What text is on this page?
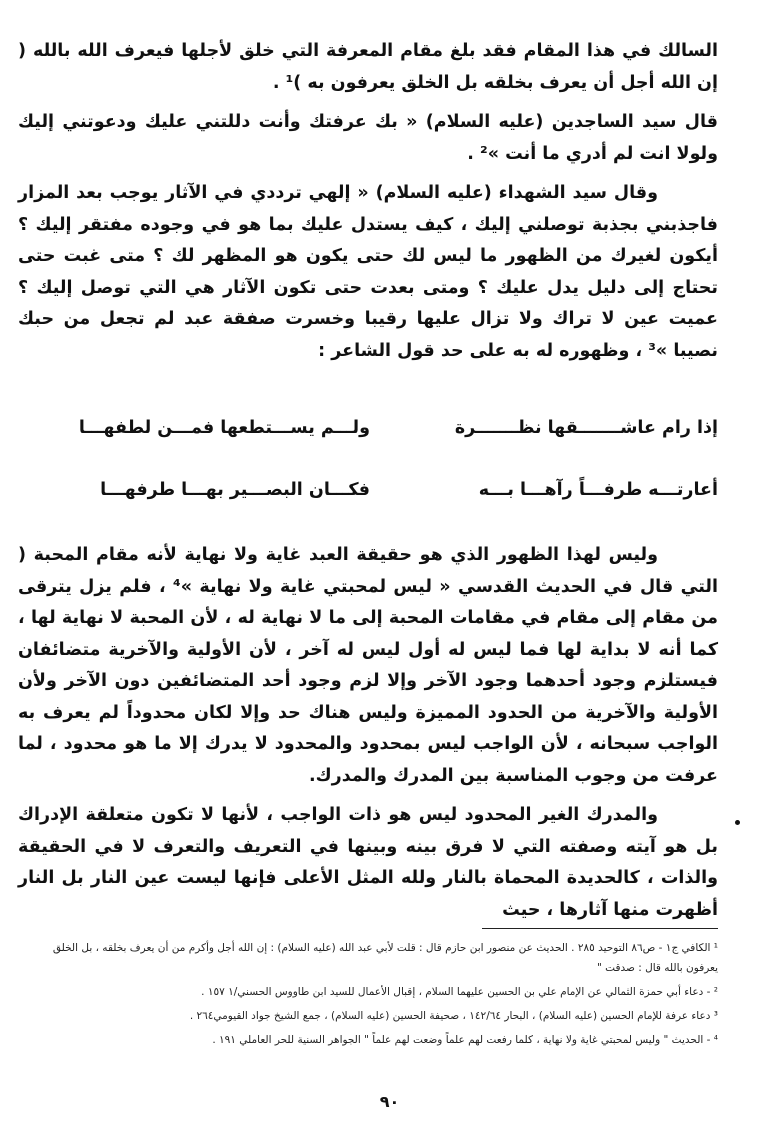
السالك في هذا المقام فقد بلغ مقام المعرفة التي خلق لأجلها فيعرف الله بالله ( إن الله أجل أن يعرف بخلقه بل الخلق يعرفون به )¹ .

قال سيد الساجدين (عليه السلام) « بك عرفتك وأنت دللتني عليك ودعوتني إليك ولولا انت لم أدري ما أنت »² .

وقال سيد الشهداء (عليه السلام) « إلهي ترددي في الآثار يوجب بعد المزار فاجذبني بجذبة توصلني إليك ، كيف يستدل عليك بما هو في وجوده مفتقر إليك ؟ أيكون لغيرك من الظهور ما ليس لك حتى يكون هو المظهر لك ؟ متى غبت حتى تحتاج إلى دليل يدل عليك ؟ ومتى بعدت حتى تكون الآثار هي التي توصل إليك ؟ عميت عين لا تراك ولا تزال عليها رقيبا وخسرت صفقة عبد لم تجعل من حبك نصيبا »³ ، وظهوره له به على حد قول الشاعر :

إذا رام عاشـــــــقها نظـــــــرة
ولـــم يســـتطعها فمـــن لطفهـــا
أعارتـــه طرفـــاً رآهـــا بـــه
فكـــان البصـــير بهـــا طرفهـــا

وليس لهذا الظهور الذي هو حقيقة العبد غاية ولا نهاية لأنه مقام المحبة ( التي قال في الحديث القدسي « ليس لمحبتي غاية ولا نهاية »⁴ ، فلم يزل يترقى من مقام إلى مقام في مقامات المحبة إلى ما لا نهاية له ، لأن المحبة لا نهاية لها ، كما أنه لا بداية لها فما ليس له أول ليس له آخر ، لأن الأولية والآخرية متضائفان فيستلزم وجود أحدهما وجود الآخر وإلا لزم وجود أحد المتضائفين دون الآخر ولأن الأولية والآخرية من الحدود المميزة وليس هناك حد وإلا لكان محدوداً لم يعرف به الواجب سبحانه ، لأن الواجب ليس بمحدود والمحدود لا يدرك إلا ما هو محدود ، لما عرفت من وجوب المناسبة بين المدرك والمدرك.

والمدرك الغير المحدود ليس هو ذات الواجب ، لأنها لا تكون متعلقة الإدراك بل هو آيته وصفته التي لا فرق بينه وبينها في التعريف والتعرف لا في الحقيقة والذات ، كالحديدة المحماة بالنار ولله المثل الأعلى فإنها ليست عين النار بل النار أظهرت منها آثارها ، حيث

¹ الكافي ج١ - ص٨٦ التوحيد ٢٨٥ . الحديث عن منصور ابن حازم قال : قلت لأبي عبد الله (عليه السلام) : إن الله أجل وأكرم من أن يعرف بخلقه ، بل الخلق يعرفون بالله قال : صدقت "

² - دعاء أبي حمزة الثمالي عن الإمام علي بن الحسين عليهما السلام ، إقبال الأعمال للسيد ابن طاووس الحسني/١ ١٥٧ .

³ دعاء عرفة للإمام الحسين (عليه السلام) ، البحار ١٤٢/٦٤ ، صحيفة الحسين (عليه السلام) ، جمع الشيخ جواد القيومي٢٦٤ .

⁴ - الحديث " وليس لمحبتي غاية ولا نهاية ، كلما رفعت لهم علماً وضعت لهم علماً " الجواهر السنية للحر العاملي ١٩١ .

٩٠
